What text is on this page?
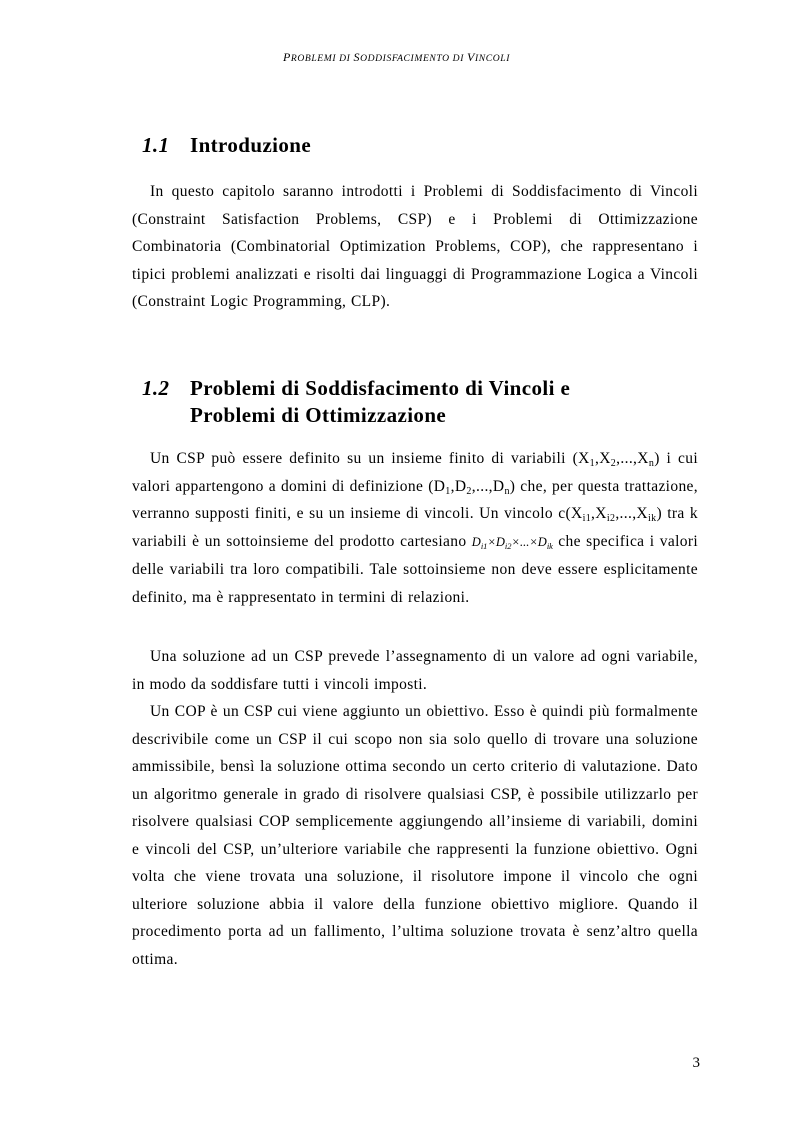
PROBLEMI DI SODDISFACIMENTO DI VINCOLI
1.1 Introduzione
In questo capitolo saranno introdotti i Problemi di Soddisfacimento di Vincoli (Constraint Satisfaction Problems, CSP) e i Problemi di Ottimizzazione Combinatoria (Combinatorial Optimization Problems, COP), che rappresentano i tipici problemi analizzati e risolti dai linguaggi di Programmazione Logica a Vincoli (Constraint Logic Programming, CLP).
1.2 Problemi di Soddisfacimento di Vincoli e
Problemi di Ottimizzazione
Un CSP può essere definito su un insieme finito di variabili $(X_1,X_2,...,X_n)$ i cui valori appartengono a domini di definizione $(D_1,D_2,...,D_n)$ che, per questa trattazione, verranno supposti finiti, e su un insieme di vincoli. Un vincolo $c(X_{i1},X_{i2},...,X_{ik})$ tra k variabili è un sottoinsieme del prodotto cartesiano $D_{i1}\times D_{i2}\times...\times D_{ik}$ che specifica i valori delle variabili tra loro compatibili. Tale sottoinsieme non deve essere esplicitamente definito, ma è rappresentato in termini di relazioni.
Una soluzione ad un CSP prevede l’assegnamento di un valore ad ogni variabile, in modo da soddisfare tutti i vincoli imposti.
Un COP è un CSP cui viene aggiunto un obiettivo. Esso è quindi più formalmente descrivibile come un CSP il cui scopo non sia solo quello di trovare una soluzione ammissibile, bensì la soluzione ottima secondo un certo criterio di valutazione. Dato un algoritmo generale in grado di risolvere qualsiasi CSP, è possibile utilizzarlo per risolvere qualsiasi COP semplicemente aggiungendo all’insieme di variabili, domini e vincoli del CSP, un’ulteriore variabile che rappresenti la funzione obiettivo. Ogni volta che viene trovata una soluzione, il risolutore impone il vincolo che ogni ulteriore soluzione abbia il valore della funzione obiettivo migliore. Quando il procedimento porta ad un fallimento, l’ultima soluzione trovata è senz’altro quella ottima.
3
